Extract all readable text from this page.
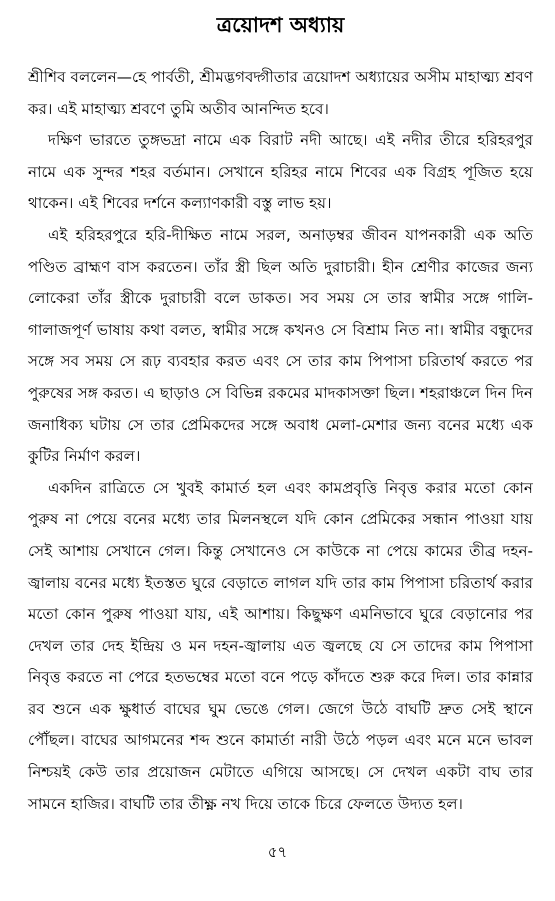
ত্রয়োদশ অধ্যায়

শ্রীশিব বললেন—হে পার্বতী, শ্রীমদ্ভগবদ্গীতার ত্রয়োদশ অধ্যায়ের অসীম মাহাত্ম্য শ্রবণ কর। এই মাহাত্ম্য শ্রবণে তুমি অতীব আনন্দিত হবে।

দক্ষিণ ভারতে তুঙ্গভদ্রা নামে এক বিরাট নদী আছে। এই নদীর তীরে হরিহরপুর নামে এক সুন্দর শহর বর্তমান। সেখানে হরিহর নামে শিবের এক বিগ্রহ পূজিত হয়ে থাকেন। এই শিবের দর্শনে কল্যাণকারী বস্তু লাভ হয়।

এই হরিহরপুরে হরি-দীক্ষিত নামে সরল, অনাড়ম্বর জীবন যাপনকারী এক অতি পণ্ডিত ব্রাহ্মণ বাস করতেন। তাঁর স্ত্রী ছিল অতি দুরাচারী। হীন শ্রেণীর কাজের জন্য লোকেরা তাঁর স্ত্রীকে দুরাচারী বলে ডাকত। সব সময় সে তার স্বামীর সঙ্গে গালি-গালাজপূর্ণ ভাষায় কথা বলত, স্বামীর সঙ্গে কখনও সে বিশ্রাম নিত না। স্বামীর বন্ধুদের সঙ্গে সব সময় সে রূঢ় ব্যবহার করত এবং সে তার কাম পিপাসা চরিতার্থ করতে পর পুরুষের সঙ্গ করত। এ ছাড়াও সে বিভিন্ন রকমের মাদকাসক্তা ছিল। শহরাঞ্চলে দিন দিন জনাধিক্য ঘটায় সে তার প্রেমিকদের সঙ্গে অবাধ মেলা-মেশার জন্য বনের মধ্যে এক কুটির নির্মাণ করল।

একদিন রাত্রিতে সে খুবই কামার্ত হল এবং কামপ্রবৃত্তি নিবৃত্ত করার মতো কোন পুরুষ না পেয়ে বনের মধ্যে তার মিলনস্থলে যদি কোন প্রেমিকের সন্ধান পাওয়া যায় সেই আশায় সেখানে গেল। কিন্তু সেখানেও সে কাউকে না পেয়ে কামের তীব্র দহন-জ্বালায় বনের মধ্যে ইতস্তত ঘুরে বেড়াতে লাগল যদি তার কাম পিপাসা চরিতার্থ করার মতো কোন পুরুষ পাওয়া যায়, এই আশায়। কিছুক্ষণ এমনিভাবে ঘুরে বেড়ানোর পর দেখল তার দেহ ইন্দ্রিয় ও মন দহন-জ্বালায় এত জ্বলছে যে সে তাদের কাম পিপাসা নিবৃত্ত করতে না পেরে হতভম্বের মতো বনে পড়ে কাঁদতে শুরু করে দিল। তার কান্নার রব শুনে এক ক্ষুধার্ত বাঘের ঘুম ভেঙে গেল। জেগে উঠে বাঘটি দ্রুত সেই স্থানে পৌঁছল। বাঘের আগমনের শব্দ শুনে কামার্তা নারী উঠে পড়ল এবং মনে মনে ভাবল নিশ্চয়ই কেউ তার প্রয়োজন মেটাতে এগিয়ে আসছে। সে দেখল একটা বাঘ তার সামনে হাজির। বাঘটি তার তীক্ষ্ণ নখ দিয়ে তাকে চিরে ফেলতে উদ্যত হল।

৫৭
